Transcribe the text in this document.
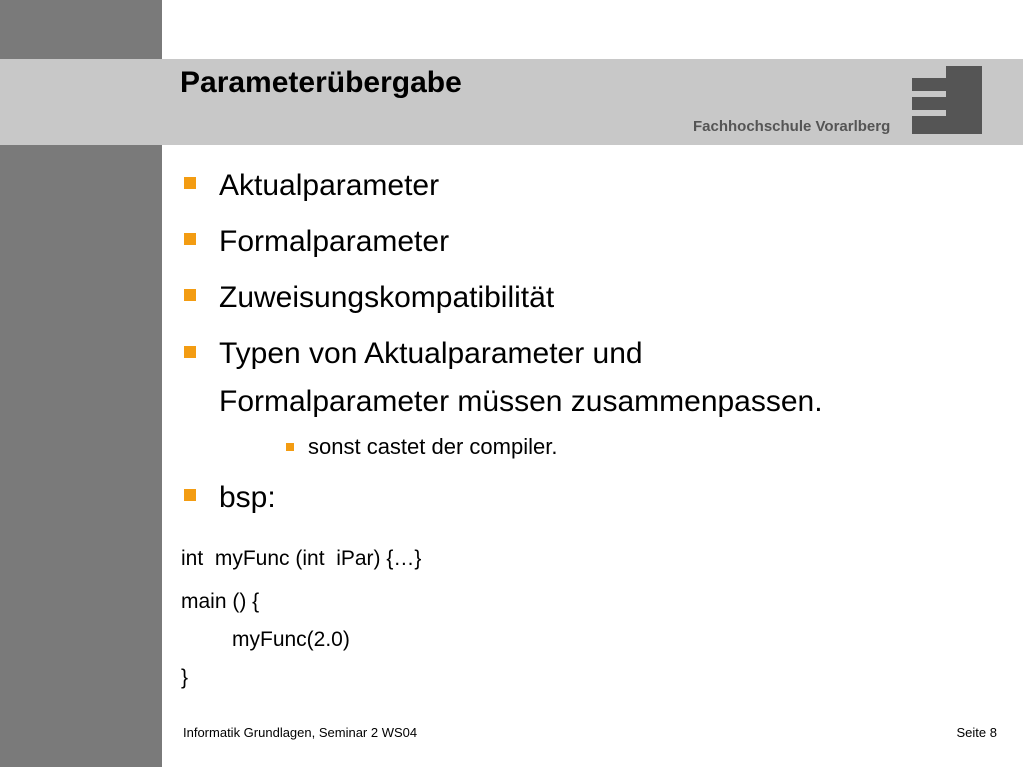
Parameterübergabe
Fachhochschule Vorarlberg
Aktualparameter
Formalparameter
Zuweisungskompatibilität
Typen von Aktualparameter und
Formalparameter müssen zusammenpassen.
sonst castet der compiler.
bsp:
int  myFunc (int  iPar) {…}
main () {
myFunc(2.0)
}
Informatik Grundlagen, Seminar 2 WS04	Seite 8
